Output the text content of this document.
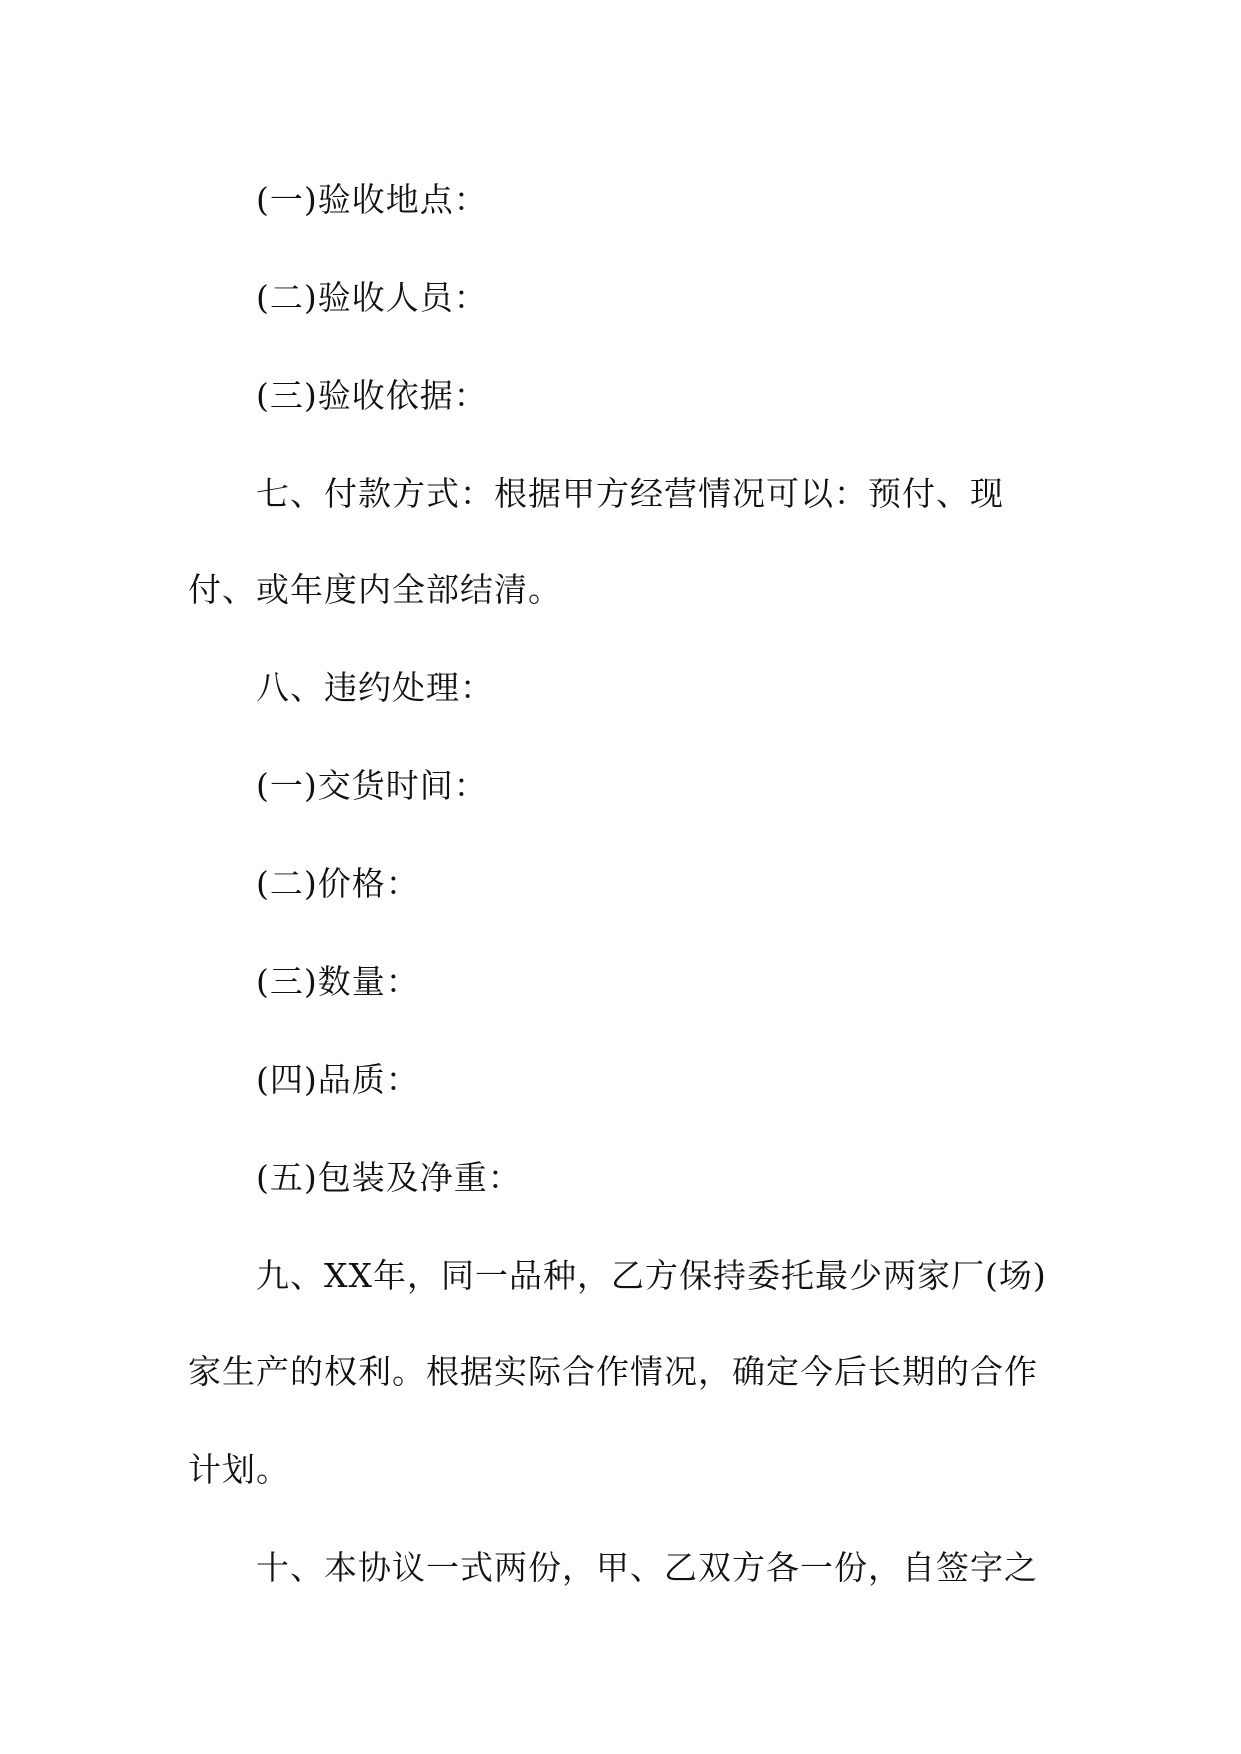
(一)验收地点：
(二)验收人员：
(三)验收依据：
七、付款方式：根据甲方经营情况可以：预付、现
付、或年度内全部结清。
八、违约处理：
(一)交货时间：
(二)价格：
(三)数量：
(四)品质：
(五)包装及净重：
九、XX年，同一品种，乙方保持委托最少两家厂(场)
家生产的权利。根据实际合作情况，确定今后长期的合作
计划。
十、本协议一式两份，甲、乙双方各一份，自签字之
